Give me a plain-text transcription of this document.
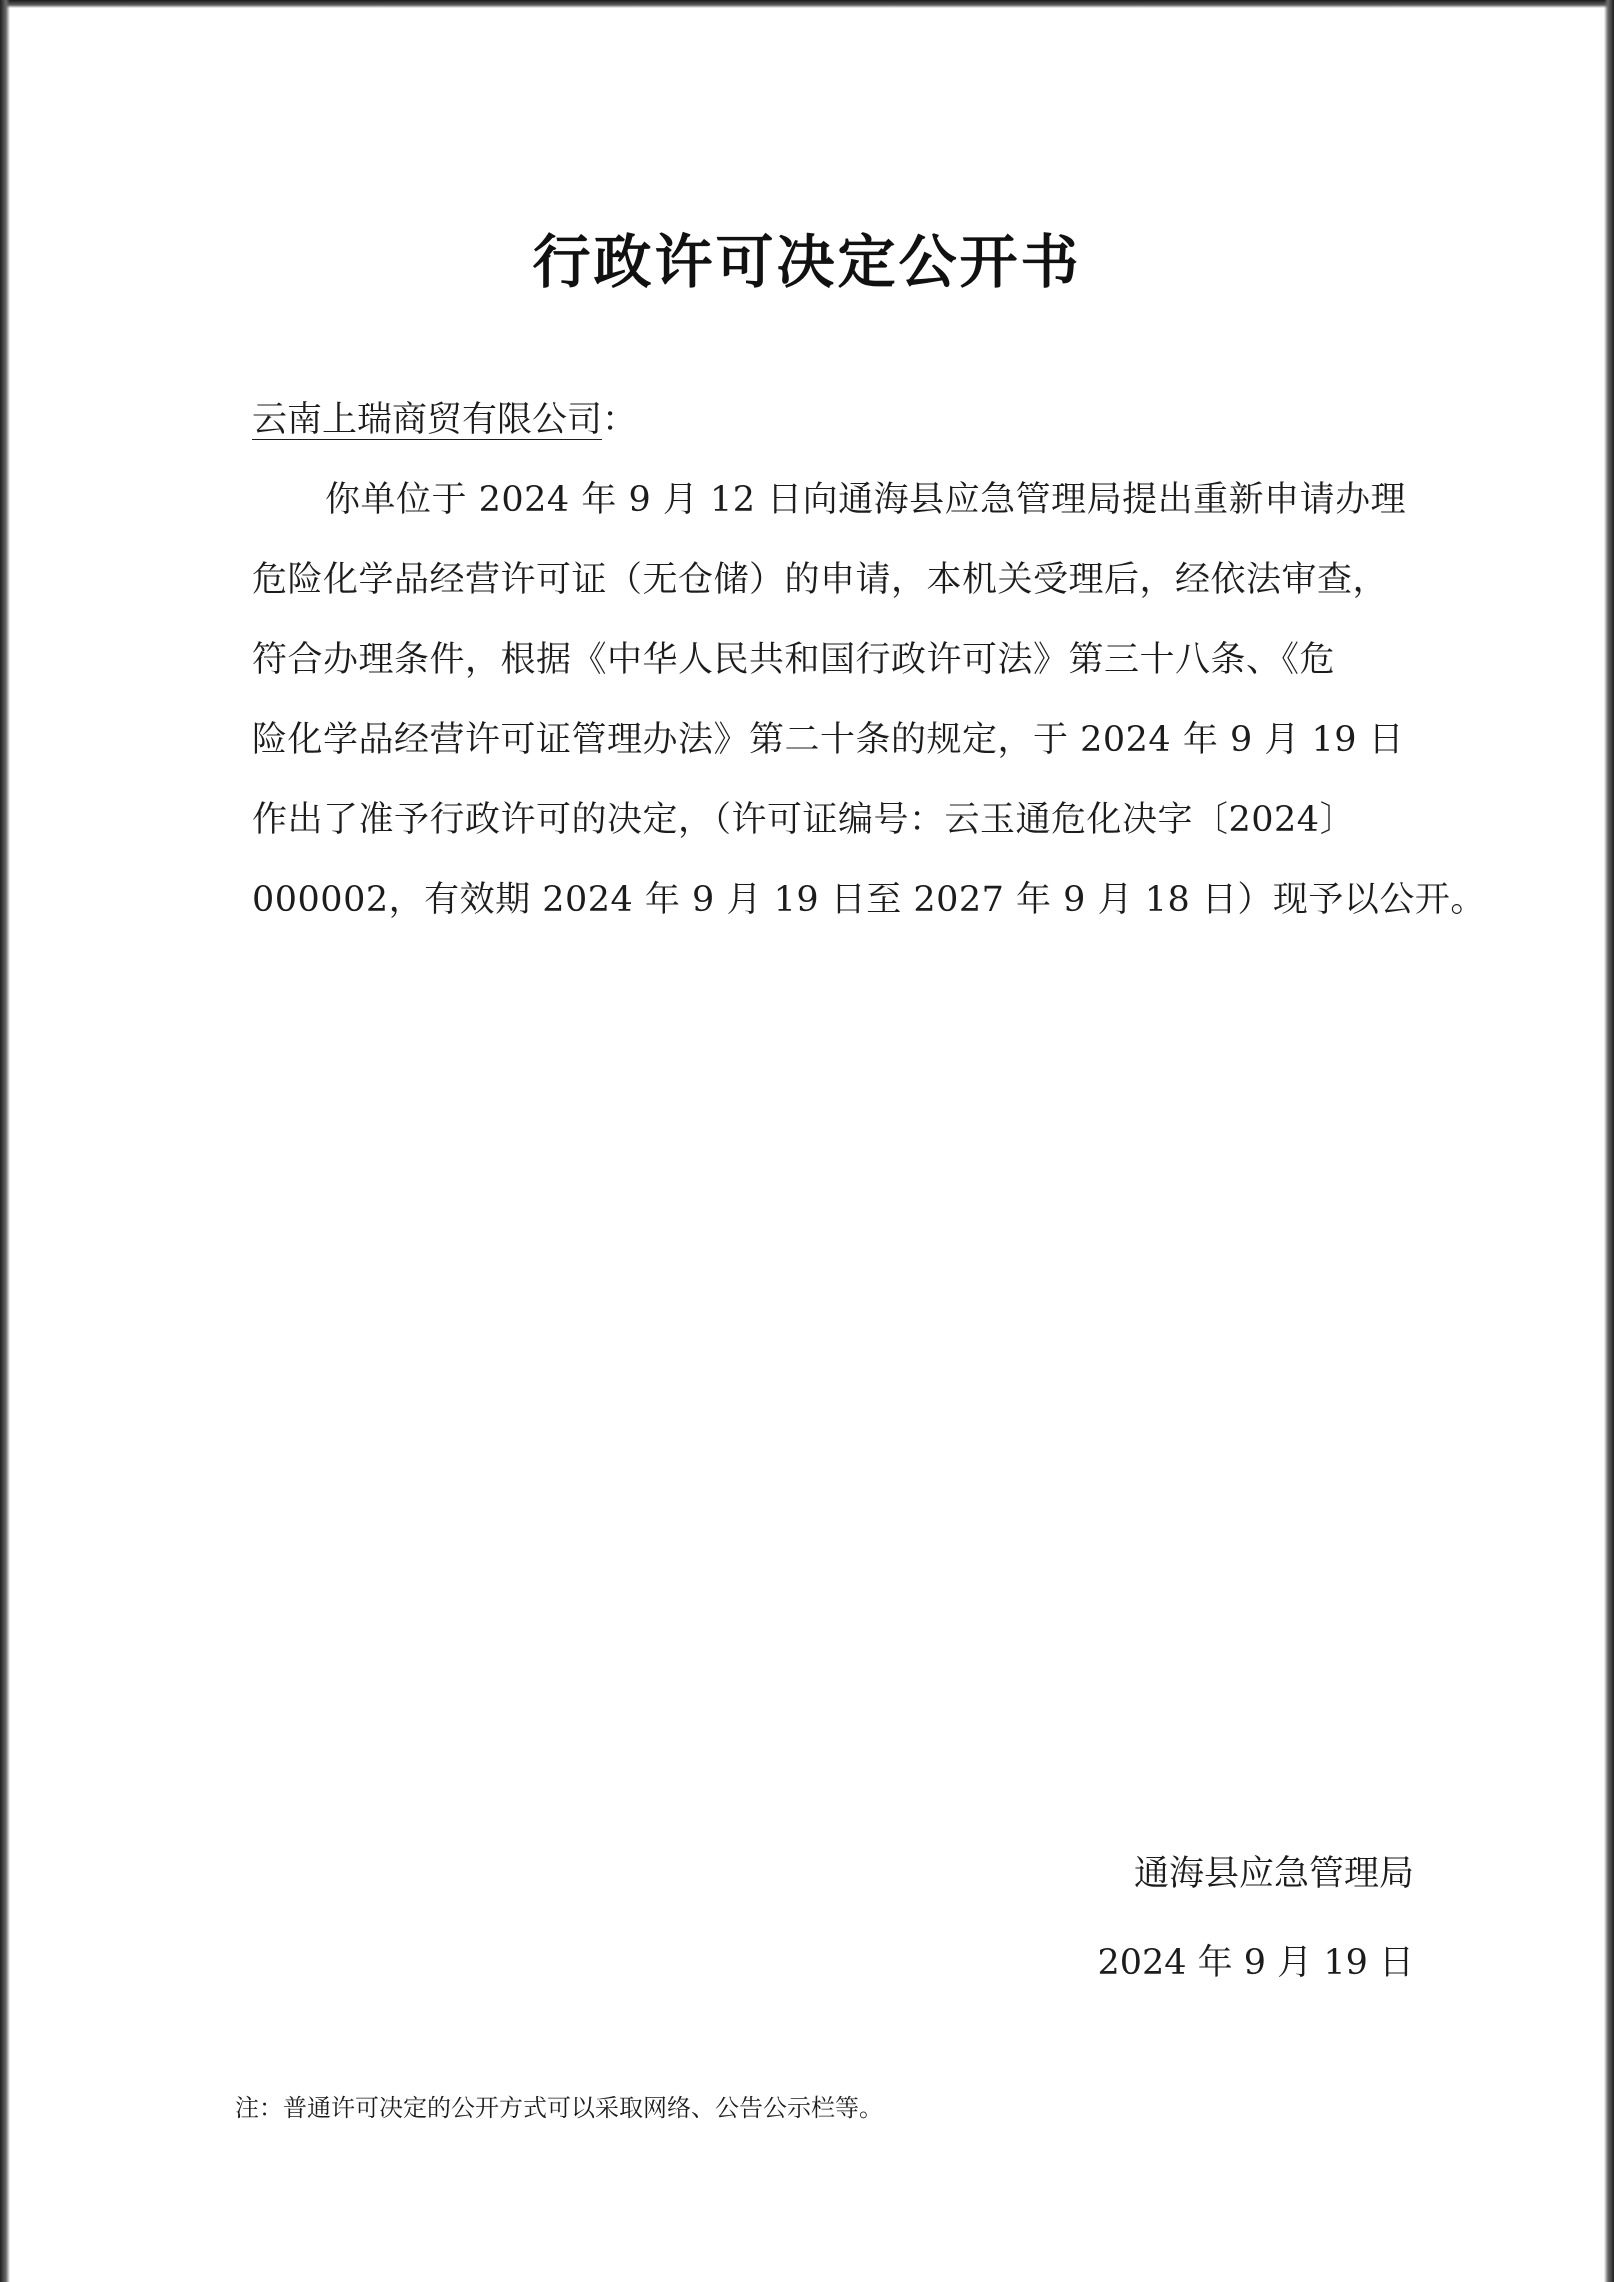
行政许可决定公开书
云南上瑞商贸有限公司：
你单位于 2024 年 9 月 12 日向通海县应急管理局提出重新申请办理
危险化学品经营许可证（无仓储）的申请，本机关受理后，经依法审查，
符合办理条件，根据《中华人民共和国行政许可法》第三十八条、《危
险化学品经营许可证管理办法》第二十条的规定，于 2024 年 9 月 19 日
作出了准予行政许可的决定，（许可证编号：云玉通危化决字〔2024〕
000002，有效期 2024 年 9 月 19 日至 2027 年 9 月 18 日）现予以公开。
通海县应急管理局
2024 年 9 月 19 日
注：普通许可决定的公开方式可以采取网络、公告公示栏等。
